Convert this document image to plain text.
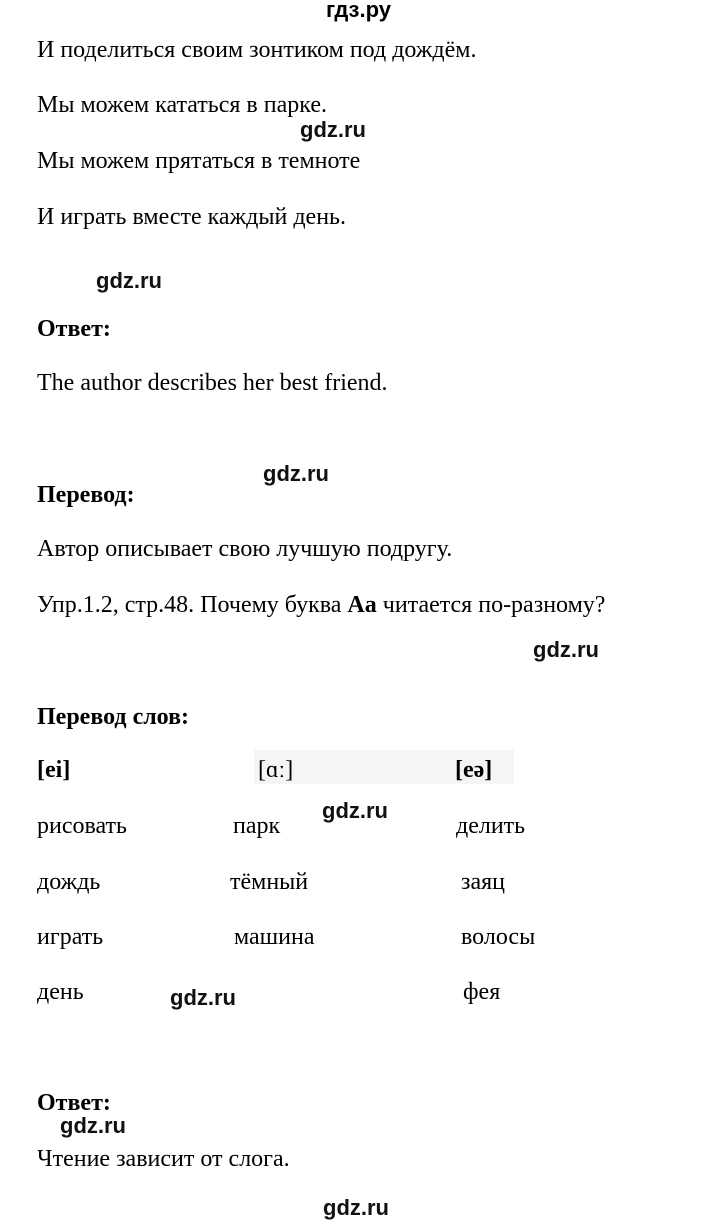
гдз.ру
И поделиться своим зонтиком под дождём.
Мы можем кататься в парке.
Мы можем прятаться в темноте
И играть вместе каждый день.
Ответ:
The author describes her best friend.
Перевод:
Автор описывает свою лучшую подругу.
Упр.1.2, стр.48. Почему буква Aa читается по-разному?
Перевод слов:
[ei]	[ɑː]	[eə]
рисовать
дождь
играть
день
парк
тёмный
машина
делить
заяц
волосы
фея
Ответ:
Чтение зависит от слога.
gdz.ru
gdz.ru
gdz.ru
gdz.ru
gdz.ru
gdz.ru
gdz.ru
gdz.ru
